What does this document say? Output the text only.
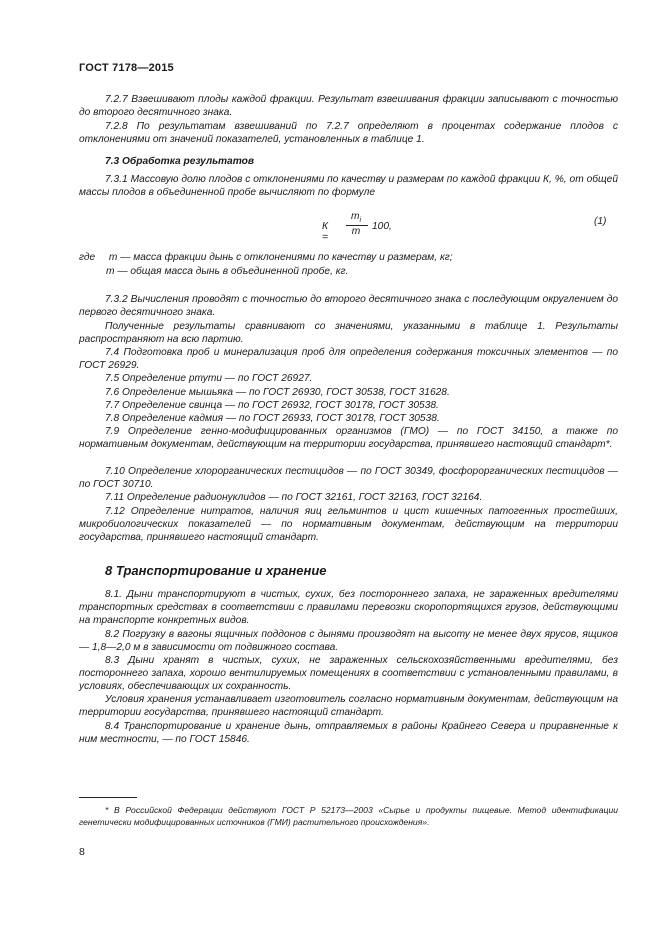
ГОСТ 7178—2015

7.2.7 Взвешивают плоды каждой фракции. Результат взвешивания фракции записывают с точностью до второго десятичного знака.

7.2.8 По результатам взвешиваний по 7.2.7 определяют в процентах содержание плодов с отклонениями от значений показателей, установленных в таблице 1.

7.3 Обработка результатов

7.3.1 Массовую долю плодов с отклонениями по качеству и размерам по каждой фракции К, %, от общей массы плодов в объединенной пробе вычисляют по формуле

К =
$m_i$
m	100,	(1)
где m — масса фракции дынь с отклонениями по качеству и размерам, кг;
m — общая масса дынь в объединенной пробе, кг.

7.3.2 Вычисления проводят с точностью до второго десятичного знака с последующим округлением до первого десятичного знака.

Полученные результаты сравнивают со значениями, указанными в таблице 1. Результаты распространяют на всю партию.

7.4 Подготовка проб и минерализация проб для определения содержания токсичных элементов — по ГОСТ 26929.

7.5 Определение ртути — по ГОСТ 26927.

7.6 Определение мышьяка — по ГОСТ 26930, ГОСТ 30538, ГОСТ 31628.

7.7 Определение свинца — по ГОСТ 26932, ГОСТ 30178, ГОСТ 30538.

7.8 Определение кадмия — по ГОСТ 26933, ГОСТ 30178, ГОСТ 30538.

7.9 Определение генно-модифицированных организмов (ГМО) — по ГОСТ 34150, а также по нормативным документам, действующим на территории государства, принявшего настоящий стандарт*.

7.10 Определение хлорорганических пестицидов — по ГОСТ 30349, фосфорорганических пестицидов — по ГОСТ 30710.

7.11 Определение радионуклидов — по ГОСТ 32161, ГОСТ 32163, ГОСТ 32164.

7.12 Определение нитратов, наличия яиц гельминтов и цист кишечных патогенных простейших, микробиологических показателей — по нормативным документам, действующим на территории государства, принявшего настоящий стандарт.

8 Транспортирование и хранение

8.1. Дыни транспортируют в чистых, сухих, без постороннего запаха, не зараженных вредителями транспортных средствах в соответствии с правилами перевозки скоропортящихся грузов, действующими на транспорте конкретных видов.

8.2 Погрузку в вагоны ящичных поддонов с дынями производят на высоту не менее двух ярусов, ящиков — 1,8—2,0 м в зависимости от подвижного состава.

8.3 Дыни хранят в чистых, сухих, не зараженных сельскохозяйственными вредителями, без постороннего запаха, хорошо вентилируемых помещениях в соответствии с установленными правилами, в условиях, обеспечивающих их сохранность.

Условия хранения устанавливает изготовитель согласно нормативным документам, действующим на территории государства, принявшего настоящий стандарт.

8.4 Транспортирование и хранение дынь, отправляемых в районы Крайнего Севера и приравненные к ним местности, — по ГОСТ 15846.

* В Российской Федерации действуют ГОСТ Р 52173—2003 «Сырье и продукты пищевые. Метод идентификации генетически модифицированных источников (ГМИ) растительного происхождения».

8
